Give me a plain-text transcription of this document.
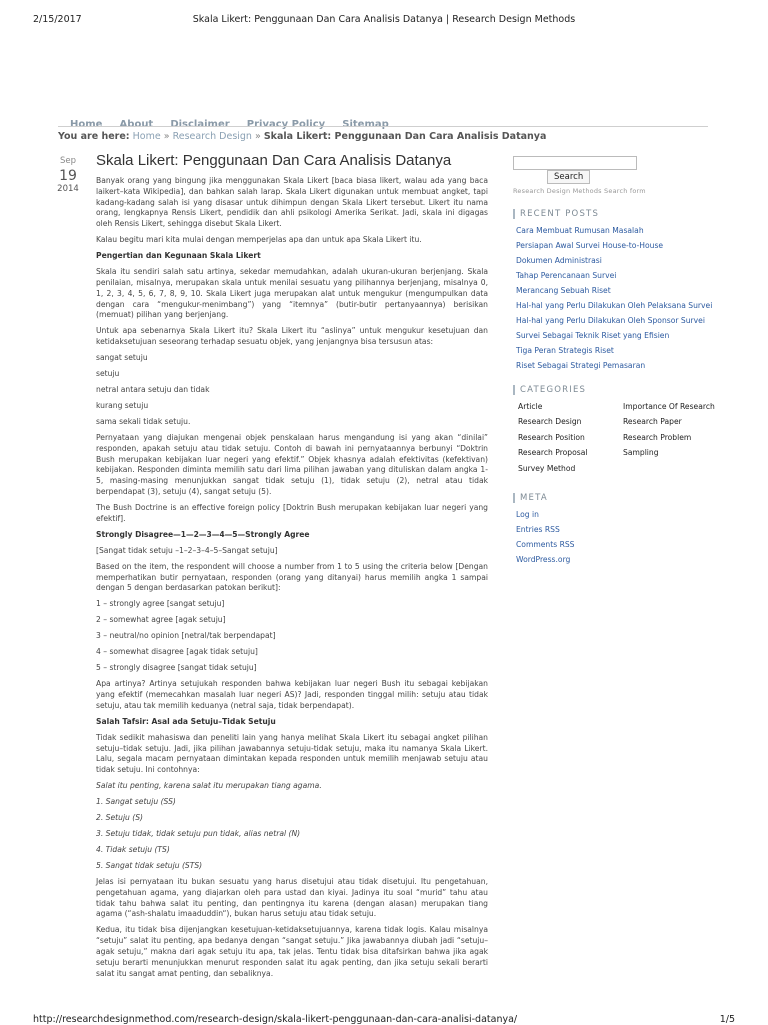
2/15/2017	Skala Likert: Penggunaan Dan Cara Analisis Datanya | Research Design Methods
Home About Disclaimer Privacy Policy Sitemap
You are here: Home » Research Design » Skala Likert: Penggunaan Dan Cara Analisis Datanya
Sep
19
2014
Skala Likert: Penggunaan Dan Cara Analisis Datanya

Banyak orang yang bingung jika menggunakan Skala Likert [baca biasa likert, walau ada yang baca laikert–kata Wikipedia], dan bahkan salah larap. Skala Likert digunakan untuk membuat angket, tapi kadang-kadang salah isi yang disasar untuk dihimpun dengan Skala Likert tersebut. Likert itu nama orang, lengkapnya Rensis Likert, pendidik dan ahli psikologi Amerika Serikat. Jadi, skala ini digagas oleh Rensis Likert, sehingga disebut Skala Likert.

Kalau begitu mari kita mulai dengan memperjelas apa dan untuk apa Skala Likert itu.

Pengertian dan Kegunaan Skala Likert

Skala itu sendiri salah satu artinya, sekedar memudahkan, adalah ukuran-ukuran berjenjang. Skala penilaian, misalnya, merupakan skala untuk menilai sesuatu yang pilihannya berjenjang, misalnya 0, 1, 2, 3, 4, 5, 6, 7, 8, 9, 10. Skala Likert juga merupakan alat untuk mengukur (mengumpulkan data dengan cara “mengukur-menimbang”) yang “itemnya” (butir-butir pertanyaannya) berisikan (memuat) pilihan yang berjenjang.

Untuk apa sebenarnya Skala Likert itu? Skala Likert itu “aslinya” untuk mengukur kesetujuan dan ketidaksetujuan seseorang terhadap sesuatu objek, yang jenjangnya bisa tersusun atas:

sangat setuju

setuju

netral antara setuju dan tidak

kurang setuju

sama sekali tidak setuju.

Pernyataan yang diajukan mengenai objek penskalaan harus mengandung isi yang akan “dinilai” responden, apakah setuju atau tidak setuju. Contoh di bawah ini pernyataannya berbunyi “Doktrin Bush merupakan kebijakan luar negeri yang efektif.” Objek khasnya adalah efektivitas (kefektivan) kebijakan. Responden diminta memilih satu dari lima pilihan jawaban yang dituliskan dalam angka 1-5, masing-masing menunjukkan sangat tidak setuju (1), tidak setuju (2), netral atau tidak berpendapat (3), setuju (4), sangat setuju (5).

The Bush Doctrine is an effective foreign policy [Doktrin Bush merupakan kebijakan luar negeri yang efektif].

Strongly Disagree—1—2—3—4—5—Strongly Agree

[Sangat tidak setuju –1–2–3–4–5–Sangat setuju]

Based on the item, the respondent will choose a number from 1 to 5 using the criteria below [Dengan memperhatikan butir pernyataan, responden (orang yang ditanyai) harus memilih angka 1 sampai dengan 5 dengan berdasarkan patokan berikut]:

1 – strongly agree [sangat setuju]

2 – somewhat agree [agak setuju]

3 – neutral/no opinion [netral/tak berpendapat]

4 – somewhat disagree [agak tidak setuju]

5 – strongly disagree [sangat tidak setuju]

Apa artinya? Artinya setujukah responden bahwa kebijakan luar negeri Bush itu sebagai kebijakan yang efektif (memecahkan masalah luar negeri AS)? Jadi, responden tinggal milih: setuju atau tidak setuju, atau tak memilih keduanya (netral saja, tidak berpendapat).

Salah Tafsir: Asal ada Setuju–Tidak Setuju

Tidak sedikit mahasiswa dan peneliti lain yang hanya melihat Skala Likert itu sebagai angket pilihan setuju–tidak setuju. Jadi, jika pilihan jawabannya setuju-tidak setuju, maka itu namanya Skala Likert. Lalu, segala macam pernyataan dimintakan kepada responden untuk memilih menjawab setuju atau tidak setuju. Ini contohnya:

Salat itu penting, karena salat itu merupakan tiang agama.

1. Sangat setuju (SS)

2. Setuju (S)

3. Setuju tidak, tidak setuju pun tidak, alias netral (N)

4. Tidak setuju (TS)

5. Sangat tidak setuju (STS)

Jelas isi pernyataan itu bukan sesuatu yang harus disetujui atau tidak disetujui. Itu pengetahuan, pengetahuan agama, yang diajarkan oleh para ustad dan kiyai. Jadinya itu soal “murid” tahu atau tidak tahu bahwa salat itu penting, dan pentingnya itu karena (dengan alasan) merupakan tiang agama (“ash-shalatu imaaduddin“), bukan harus setuju atau tidak setuju.

Kedua, itu tidak bisa dijenjangkan kesetujuan-ketidaksetujuannya, karena tidak logis. Kalau misalnya “setuju” salat itu penting, apa bedanya dengan “sangat setuju.” Jika jawabannya diubah jadi “setuju–agak setuju,” makna dari agak setuju itu apa, tak jelas. Tentu tidak bisa ditafsirkan bahwa jika agak setuju berarti menunjukkan menurut responden salat itu agak penting, dan jika setuju sekali berarti salat itu sangat amat penting, dan sebaliknya.

Search
Research Design Methods Search form
RECENT POSTS
Cara Membuat Rumusan Masalah
Persiapan Awal Survei House-to-House
Dokumen Administrasi
Tahap Perencanaan Survei
Merancang Sebuah Riset
Hal-hal yang Perlu Dilakukan Oleh Pelaksana Survei
Hal-hal yang Perlu Dilakukan Oleh Sponsor Survei
Survei Sebagai Teknik Riset yang Efisien
Tiga Peran Strategis Riset
Riset Sebagai Strategi Pemasaran
CATEGORIES
Article	Importance Of Research
Research Design	Research Paper
Research Position	Research Problem
Research Proposal	Sampling
Survey Method
META
Log in
Entries RSS
Comments RSS
WordPress.org
http://researchdesignmethod.com/research-design/skala-likert-penggunaan-dan-cara-analisi-datanya/	1/5
